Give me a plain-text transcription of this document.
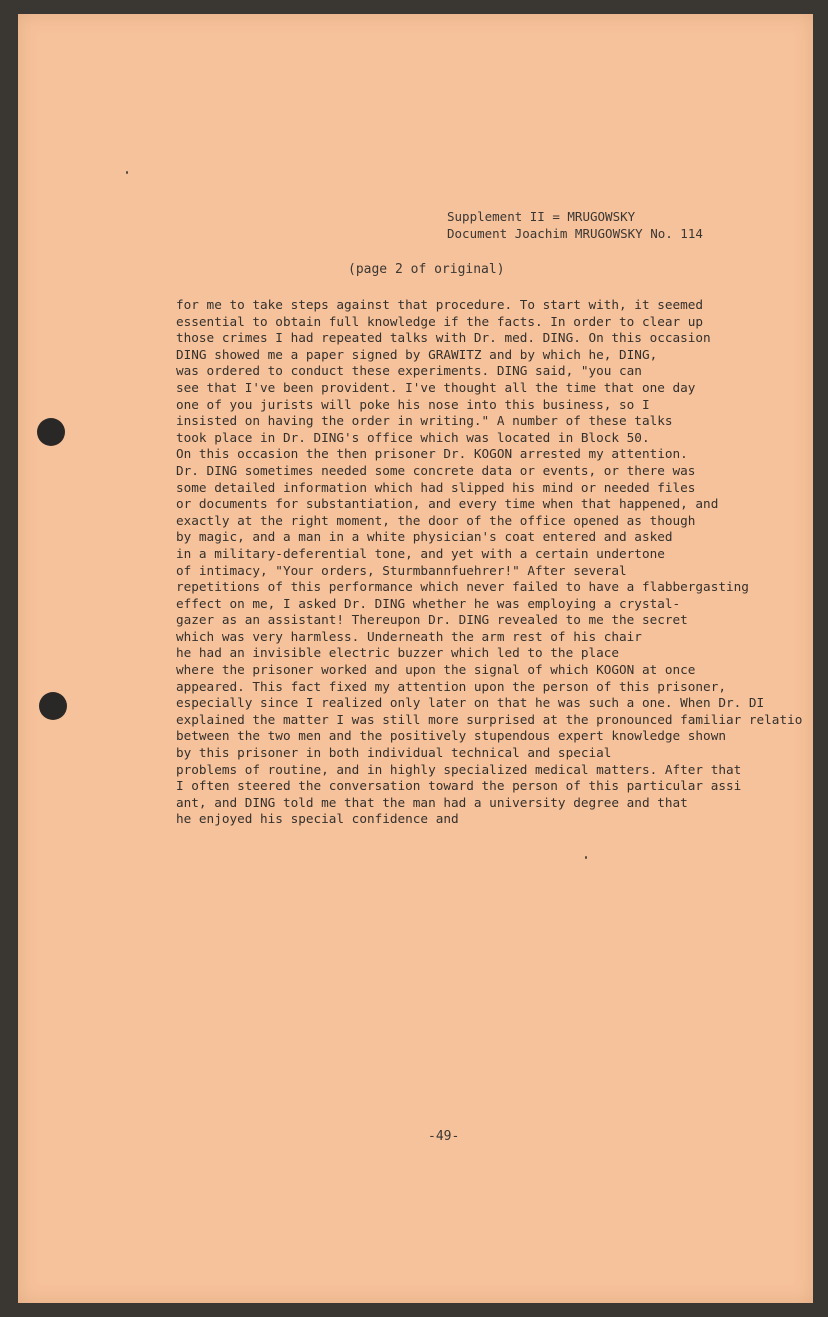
Supplement II = MRUGOWSKY
Document Joachim MRUGOWSKY No. 114
(page 2 of original)
for me to take steps against that procedure. To start with, it seemed
essential to obtain full knowledge if the facts. In order to clear up
those crimes I had repeated talks with Dr. med. DING. On this occasion
DING showed me a paper signed by GRAWITZ and by which he, DING,
was ordered to conduct these experiments. DING said, "you can
see that I've been provident. I've thought all the time that one day
one of you jurists will poke his nose into this business, so I
insisted on having the order in writing." A number of these talks
took place in Dr. DING's office which was located in Block 50.
On this occasion the then prisoner Dr. KOGON arrested my attention.
Dr. DING sometimes needed some concrete data or events, or there was
some detailed information which had slipped his mind or needed files
or documents for substantiation, and every time when that happened, and
exactly at the right moment, the door of the office opened as though
by magic, and a man in a white physician's coat entered and asked
in a military-deferential tone, and yet with a certain undertone
of intimacy, "Your orders, Sturmbannfuehrer!" After several
repetitions of this performance which never failed to have a flabbergasting
effect on me, I asked Dr. DING whether he was employing a crystal-
gazer as an assistant! Thereupon Dr. DING revealed to me the secret
which was very harmless. Underneath the arm rest of his chair
he had an invisible electric buzzer which led to the place
where the prisoner worked and upon the signal of which KOGON at once
appeared. This fact fixed my attention upon the person of this prisoner,
especially since I realized only later on that he was such a one. When Dr. DI
explained the matter I was still more surprised at the pronounced familiar relatio
between the two men and the positively stupendous expert knowledge shown
by this prisoner in both individual technical and special
problems of routine, and in highly specialized medical matters. After that
I often steered the conversation toward the person of this particular assi
ant, and DING told me that the man had a university degree and that
he enjoyed his special confidence and
-49-
